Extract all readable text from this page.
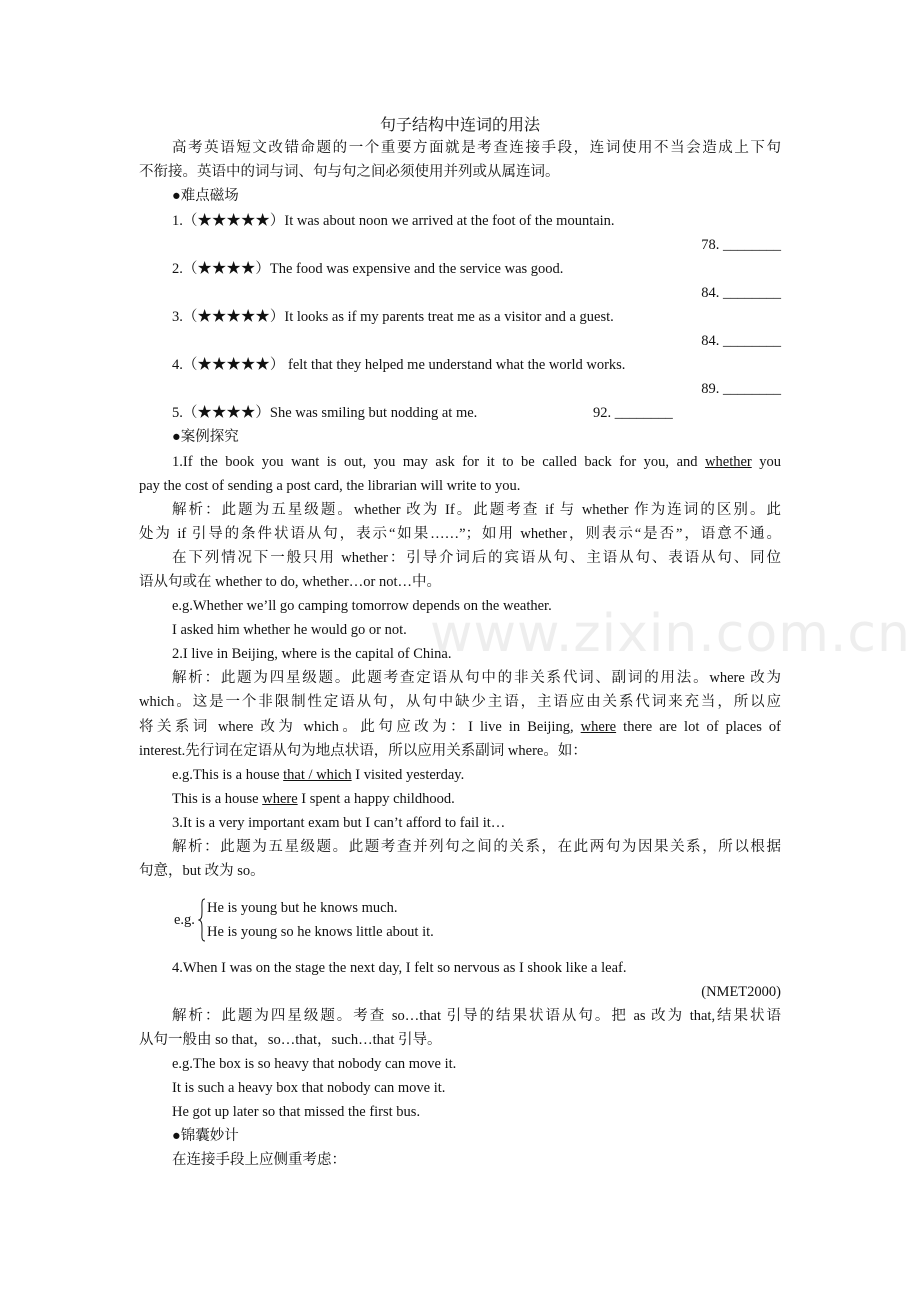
www.zixin.com.cn
句子结构中连词的用法
高考英语短文改错命题的一个重要方面就是考查连接手段，连词使用不当会造成上下句
不衔接。英语中的词与词、句与句之间必须使用并列或从属连词。
●难点磁场
1.（★★★★★）It was about noon we arrived at the foot of the mountain.
78. ________
2.（★★★★）The food was expensive and the service was good.
84. ________
3.（★★★★★）It looks as if my parents treat me as a visitor and a guest.
84. ________
4.（★★★★★） felt that they helped me understand what the world works.
89. ________
5.（★★★★）She was smiling but nodding at me.	92. ________
●案例探究
1.If the book you want is out, you may ask for it to be called back for you, and whether you
pay the cost of sending a post card, the librarian will write to you.
解析：此题为五星级题。whether 改为 If。此题考查 if 与 whether 作为连词的区别。此
处为 if 引导的条件状语从句，表示“如果……”；如用 whether，则表示“是否”，语意不通。
在下列情况下一般只用 whether：引导介词后的宾语从句、主语从句、表语从句、同位
语从句或在 whether to do, whether…or not…中。
e.g.Whether we’ll go camping tomorrow depends on the weather.
I asked him whether he would go or not.
2.I live in Beijing, where is the capital of China.
解析：此题为四星级题。此题考查定语从句中的非关系代词、副词的用法。where 改为
which。这是一个非限制性定语从句，从句中缺少主语，主语应由关系代词来充当，所以应
将关系词 where 改为 which。此句应改为：I live in Beijing, where there are lot of places of
interest.先行词在定语从句为地点状语，所以应用关系副词 where。如：
e.g.This is a house that / which I visited yesterday.
This is a house where I spent a happy childhood.
3.It is a very important exam but I can’t afford to fail it…
解析：此题为五星级题。此题考查并列句之间的关系，在此两句为因果关系，所以根据
句意，but 改为 so。
e.g.
He is young but he knows much.
He is young so he knows little about it.
4.When I was on the stage the next day, I felt so nervous as I shook like a leaf.
(NMET2000)
解析：此题为四星级题。考查 so…that 引导的结果状语从句。把 as 改为 that,结果状语
从句一般由 so that，so…that，such…that 引导。
e.g.The box is so heavy that nobody can move it.
It is such a heavy box that nobody can move it.
He got up later so that missed the first bus.
●锦囊妙计
在连接手段上应侧重考虑：
